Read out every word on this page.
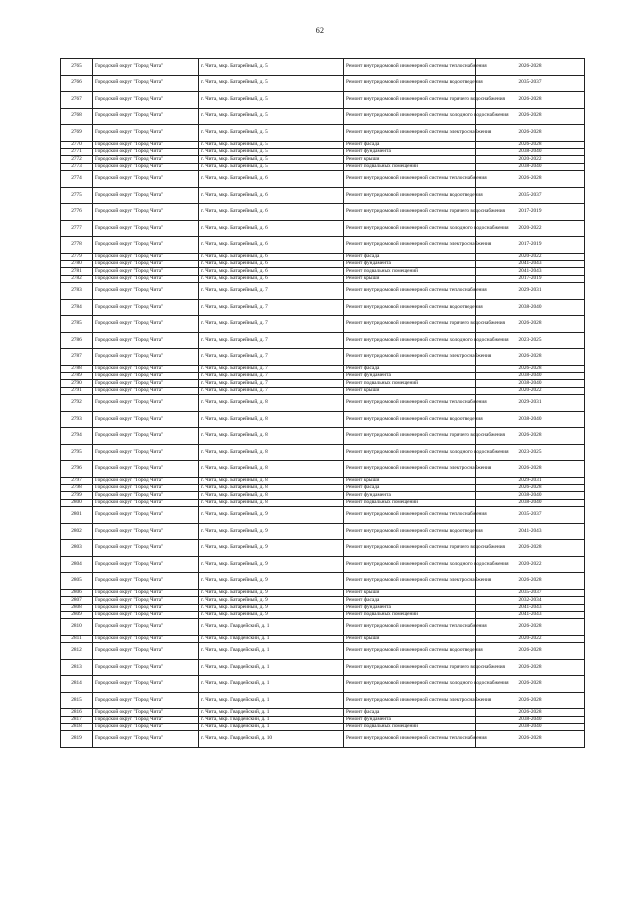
62
2765	Городской округ "Город Чита"	г. Чита, мкр. Батарейный, д. 5	Ремонт внутридомовой инженерной системы теплоснабжения	2026-2028
2766	Городской округ "Город Чита"	г. Чита, мкр. Батарейный, д. 5	Ремонт внутридомовой инженерной системы водоотведения	2035-2037
2767	Городской округ "Город Чита"	г. Чита, мкр. Батарейный, д. 5	Ремонт внутридомовой инженерной системы горячего водоснабжения	2026-2028
2768	Городской округ "Город Чита"	г. Чита, мкр. Батарейный, д. 5	Ремонт внутридомовой инженерной системы холодного водоснабжения	2026-2028
2769	Городской округ "Город Чита"	г. Чита, мкр. Батарейный, д. 5	Ремонт внутридомовой инженерной системы электроснабжения	2026-2028
2770	Городской округ "Город Чита"	г. Чита, мкр. Батарейный, д. 5	Ремонт фасада	2026-2028
2771	Городской округ "Город Чита"	г. Чита, мкр. Батарейный, д. 5	Ремонт фундамента	2038-2040
2772	Городской округ "Город Чита"	г. Чита, мкр. Батарейный, д. 5	Ремонт крыши	2020-2022
2773	Городской округ "Город Чита"	г. Чита, мкр. Батарейный, д. 5	Ремонт подвальных помещений	2038-2040
2774	Городской округ "Город Чита"	г. Чита, мкр. Батарейный, д. 6	Ремонт внутридомовой инженерной системы теплоснабжения	2026-2028
2775	Городской округ "Город Чита"	г. Чита, мкр. Батарейный, д. 6	Ремонт внутридомовой инженерной системы водоотведения	2035-2037
2776	Городской округ "Город Чита"	г. Чита, мкр. Батарейный, д. 6	Ремонт внутридомовой инженерной системы горячего водоснабжения	2017-2019
2777	Городской округ "Город Чита"	г. Чита, мкр. Батарейный, д. 6	Ремонт внутридомовой инженерной системы холодного водоснабжения	2020-2022
2778	Городской округ "Город Чита"	г. Чита, мкр. Батарейный, д. 6	Ремонт внутридомовой инженерной системы электроснабжения	2017-2019
2779	Городской округ "Город Чита"	г. Чита, мкр. Батарейный, д. 6	Ремонт фасада	2020-2022
2780	Городской округ "Город Чита"	г. Чита, мкр. Батарейный, д. 6	Ремонт фундамента	2041-2043
2781	Городской округ "Город Чита"	г. Чита, мкр. Батарейный, д. 6	Ремонт подвальных помещений	2041-2043
2782	Городской округ "Город Чита"	г. Чита, мкр. Батарейный, д. 6	Ремонт крыши	2017-2019
2783	Городской округ "Город Чита"	г. Чита, мкр. Батарейный, д. 7	Ремонт внутридомовой инженерной системы теплоснабжения	2029-2031
2784	Городской округ "Город Чита"	г. Чита, мкр. Батарейный, д. 7	Ремонт внутридомовой инженерной системы водоотведения	2038-2040
2785	Городской округ "Город Чита"	г. Чита, мкр. Батарейный, д. 7	Ремонт внутридомовой инженерной системы горячего водоснабжения	2026-2028
2786	Городской округ "Город Чита"	г. Чита, мкр. Батарейный, д. 7	Ремонт внутридомовой инженерной системы холодного водоснабжения	2023-2025
2787	Городской округ "Город Чита"	г. Чита, мкр. Батарейный, д. 7	Ремонт внутридомовой инженерной системы электроснабжения	2026-2028
2788	Городской округ "Город Чита"	г. Чита, мкр. Батарейный, д. 7	Ремонт фасада	2026-2028
2789	Городской округ "Город Чита"	г. Чита, мкр. Батарейный, д. 7	Ремонт фундамента	2038-2040
2790	Городской округ "Город Чита"	г. Чита, мкр. Батарейный, д. 7	Ремонт подвальных помещений	2038-2040
2791	Городской округ "Город Чита"	г. Чита, мкр. Батарейный, д. 7	Ремонт крыши	2020-2022
2792	Городской округ "Город Чита"	г. Чита, мкр. Батарейный, д. 8	Ремонт внутридомовой инженерной системы теплоснабжения	2029-2031
2793	Городской округ "Город Чита"	г. Чита, мкр. Батарейный, д. 8	Ремонт внутридомовой инженерной системы водоотведения	2038-2040
2794	Городской округ "Город Чита"	г. Чита, мкр. Батарейный, д. 8	Ремонт внутридомовой инженерной системы горячего водоснабжения	2026-2028
2795	Городской округ "Город Чита"	г. Чита, мкр. Батарейный, д. 8	Ремонт внутридомовой инженерной системы холодного водоснабжения	2023-2025
2796	Городской округ "Город Чита"	г. Чита, мкр. Батарейный, д. 8	Ремонт внутридомовой инженерной системы электроснабжения	2026-2028
2797	Городской округ "Город Чита"	г. Чита, мкр. Батарейный, д. 8	Ремонт крыши	2029-2031
2798	Городской округ "Город Чита"	г. Чита, мкр. Батарейный, д. 8	Ремонт фасада	2026-2028
2799	Городской округ "Город Чита"	г. Чита, мкр. Батарейный, д. 8	Ремонт фундамента	2038-2040
2800	Городской округ "Город Чита"	г. Чита, мкр. Батарейный, д. 8	Ремонт подвальных помещений	2038-2040
2801	Городской округ "Город Чита"	г. Чита, мкр. Батарейный, д. 9	Ремонт внутридомовой инженерной системы теплоснабжения	2035-2037
2802	Городской округ "Город Чита"	г. Чита, мкр. Батарейный, д. 9	Ремонт внутридомовой инженерной системы водоотведения	2041-2043
2803	Городской округ "Город Чита"	г. Чита, мкр. Батарейный, д. 9	Ремонт внутридомовой инженерной системы горячего водоснабжения	2026-2028
2804	Городской округ "Город Чита"	г. Чита, мкр. Батарейный, д. 9	Ремонт внутридомовой инженерной системы холодного водоснабжения	2020-2022
2805	Городской округ "Город Чита"	г. Чита, мкр. Батарейный, д. 9	Ремонт внутридомовой инженерной системы электроснабжения	2026-2028
2806	Городской округ "Город Чита"	г. Чита, мкр. Батарейный, д. 9	Ремонт крыши	2035-2037
2807	Городской округ "Город Чита"	г. Чита, мкр. Батарейный, д. 9	Ремонт фасада	2032-2034
2808	Городской округ "Город Чита"	г. Чита, мкр. Батарейный, д. 9	Ремонт фундамента	2041-2043
2809	Городской округ "Город Чита"	г. Чита, мкр. Батарейный, д. 9	Ремонт подвальных помещений	2041-2043
2810	Городской округ "Город Чита"	г. Чита, мкр. Гвардейский, д. 1	Ремонт внутридомовой инженерной системы теплоснабжения	2026-2028
2811	Городской округ "Город Чита"	г. Чита, мкр. Гвардейский, д. 1	Ремонт крыши	2020-2022
2812	Городской округ "Город Чита"	г. Чита, мкр. Гвардейский, д. 1	Ремонт внутридомовой инженерной системы водоотведения	2026-2028
2813	Городской округ "Город Чита"	г. Чита, мкр. Гвардейский, д. 1	Ремонт внутридомовой инженерной системы горячего водоснабжения	2026-2028
2814	Городской округ "Город Чита"	г. Чита, мкр. Гвардейский, д. 1	Ремонт внутридомовой инженерной системы холодного водоснабжения	2026-2028
2815	Городской округ "Город Чита"	г. Чита, мкр. Гвардейский, д. 1	Ремонт внутридомовой инженерной системы электроснабжения	2026-2028
2816	Городской округ "Город Чита"	г. Чита, мкр. Гвардейский, д. 1	Ремонт фасада	2026-2028
2817	Городской округ "Город Чита"	г. Чита, мкр. Гвардейский, д. 1	Ремонт фундамента	2038-2040
2818	Городской округ "Город Чита"	г. Чита, мкр. Гвардейский, д. 1	Ремонт подвальных помещений	2038-2040
2819	Городской округ "Город Чита"	г. Чита, мкр. Гвардейский, д. 10	Ремонт внутридомовой инженерной системы теплоснабжения	2026-2028
